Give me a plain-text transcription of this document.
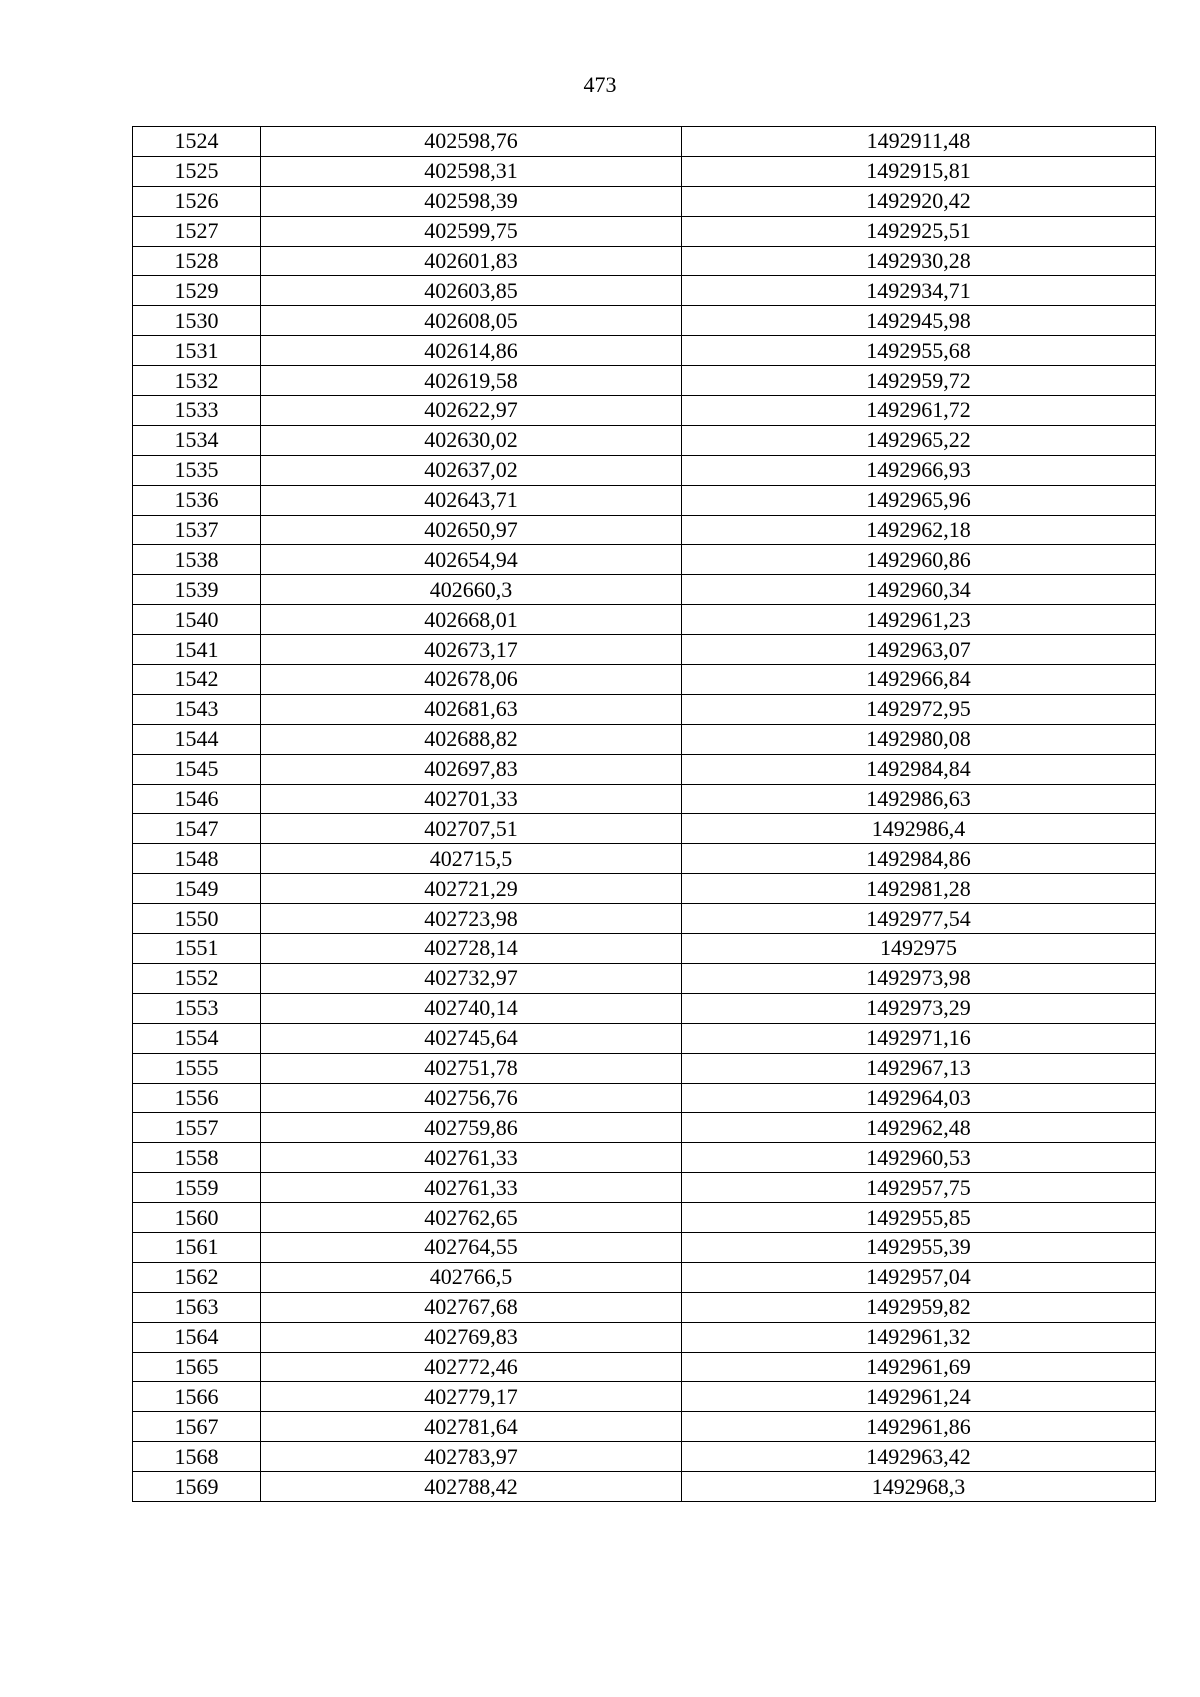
473
1524	402598,76	1492911,48
1525	402598,31	1492915,81
1526	402598,39	1492920,42
1527	402599,75	1492925,51
1528	402601,83	1492930,28
1529	402603,85	1492934,71
1530	402608,05	1492945,98
1531	402614,86	1492955,68
1532	402619,58	1492959,72
1533	402622,97	1492961,72
1534	402630,02	1492965,22
1535	402637,02	1492966,93
1536	402643,71	1492965,96
1537	402650,97	1492962,18
1538	402654,94	1492960,86
1539	402660,3	1492960,34
1540	402668,01	1492961,23
1541	402673,17	1492963,07
1542	402678,06	1492966,84
1543	402681,63	1492972,95
1544	402688,82	1492980,08
1545	402697,83	1492984,84
1546	402701,33	1492986,63
1547	402707,51	1492986,4
1548	402715,5	1492984,86
1549	402721,29	1492981,28
1550	402723,98	1492977,54
1551	402728,14	1492975
1552	402732,97	1492973,98
1553	402740,14	1492973,29
1554	402745,64	1492971,16
1555	402751,78	1492967,13
1556	402756,76	1492964,03
1557	402759,86	1492962,48
1558	402761,33	1492960,53
1559	402761,33	1492957,75
1560	402762,65	1492955,85
1561	402764,55	1492955,39
1562	402766,5	1492957,04
1563	402767,68	1492959,82
1564	402769,83	1492961,32
1565	402772,46	1492961,69
1566	402779,17	1492961,24
1567	402781,64	1492961,86
1568	402783,97	1492963,42
1569	402788,42	1492968,3
